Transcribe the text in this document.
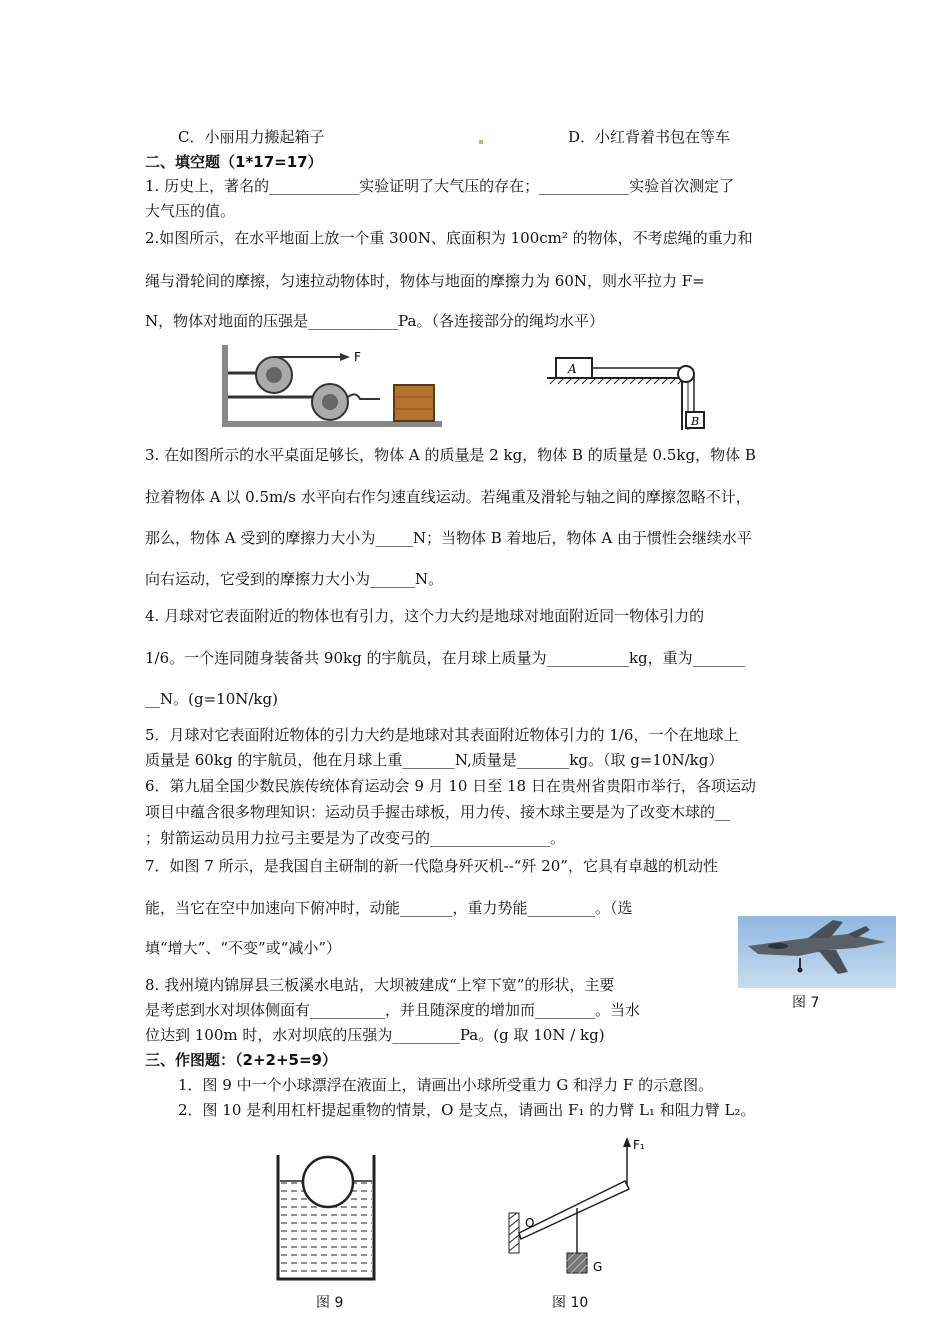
C．小丽用力搬起箱子	D．小红背着书包在等车
二、填空题（1*17=17）
1. 历史上，著名的____________实验证明了大气压的存在；____________实验首次测定了
大气压的值。
2.如图所示，在水平地面上放一个重 300N、底面积为 100cm² 的物体，不考虑绳的重力和
绳与滑轮间的摩擦，匀速拉动物体时，物体与地面的摩擦力为 60N，则水平拉力 F=
N，物体对地面的压强是____________Pa。（各连接部分的绳均水平）
F
A
B
3. 在如图所示的水平桌面足够长，物体 A 的质量是 2 kg，物体 B 的质量是 0.5kg，物体 B
拉着物体 A 以 0.5m/s 水平向右作匀速直线运动。若绳重及滑轮与轴之间的摩擦忽略不计，
那么，物体 A 受到的摩擦力大小为_____N；当物体 B 着地后，物体 A 由于惯性会继续水平
向右运动，它受到的摩擦力大小为______N。
4. 月球对它表面附近的物体也有引力，这个力大约是地球对地面附近同一物体引力的
1/6。一个连同随身装备共 90kg 的宇航员，在月球上质量为___________kg，重为_______
__N。(g=10N/kg)
5．月球对它表面附近物体的引力大约是地球对其表面附近物体引力的 1/6，一个在地球上
质量是 60kg 的宇航员，他在月球上重_______N,质量是_______kg。（取 g=10N/kg）
6．第九届全国少数民族传统体育运动会 9 月 10 日至 18 日在贵州省贵阳市举行，各项运动
项目中蕴含很多物理知识：运动员手握击球板，用力传、接木球主要是为了改变木球的__
；射箭运动员用力拉弓主要是为了改变弓的________________。
7．如图 7 所示，是我国自主研制的新一代隐身歼灭机--“歼 20”，它具有卓越的机动性
能，当它在空中加速向下俯冲时，动能_______，重力势能_________。（选
填“增大”、“不变”或“减小”）
8. 我州境内锦屏县三板溪水电站，大坝被建成“上窄下宽”的形状，主要
是考虑到水对坝体侧面有__________，并且随深度的增加而________。当水
位达到 100m 时，水对坝底的压强为_________Pa。(g 取 10N / kg)
图 7
三、作图题：（2+2+5=9）
1．图 9 中一个小球漂浮在液面上，请画出小球所受重力 G 和浮力 F 的示意图。
2．图 10 是利用杠杆提起重物的情景，O 是支点，请画出 F₁ 的力臂 L₁ 和阻力臂 L₂。
图 9
F₁
O
G
图 10
